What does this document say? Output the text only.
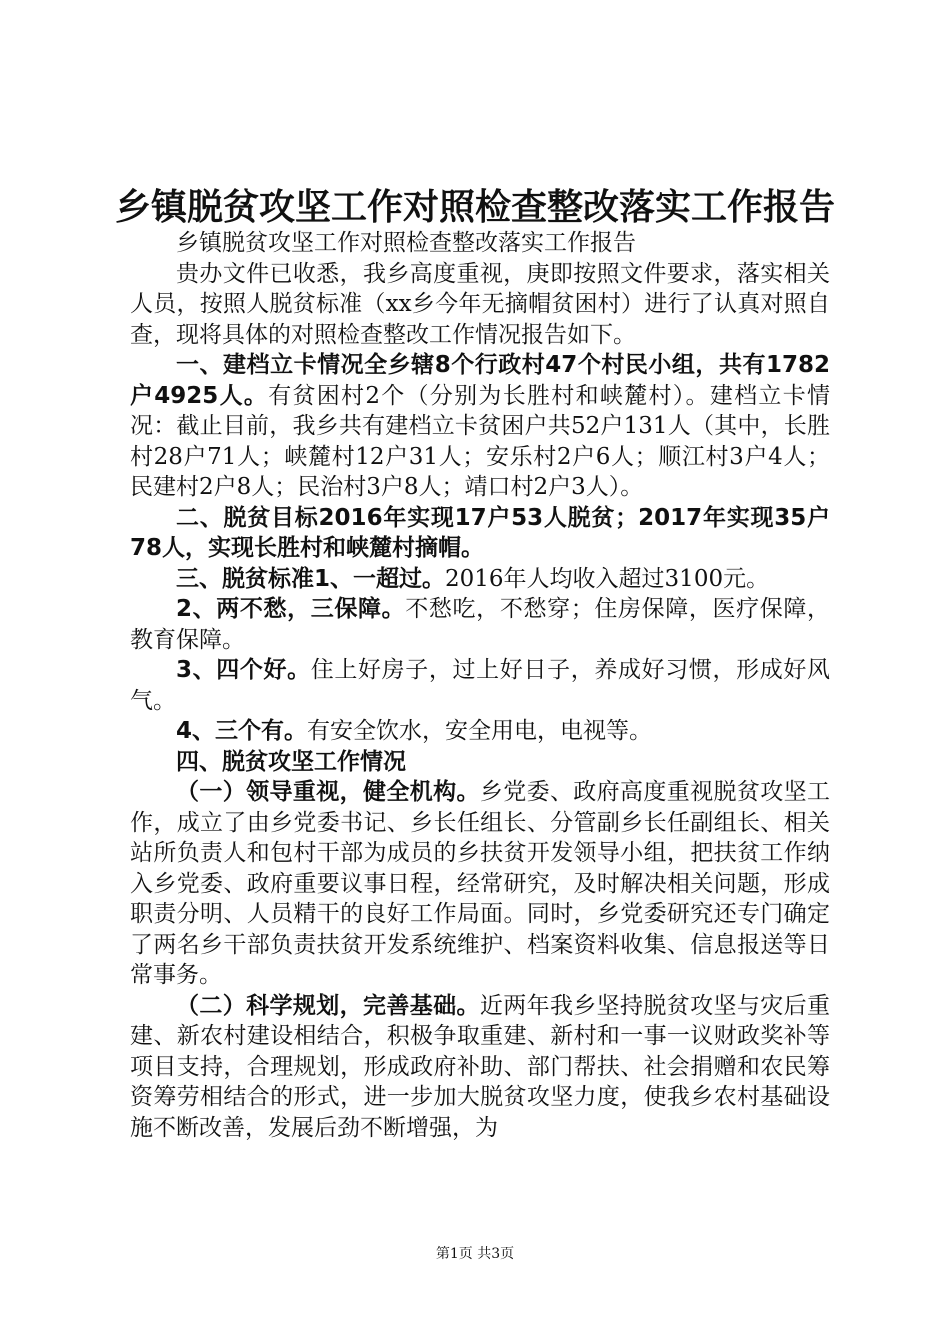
乡镇脱贫攻坚工作对照检查整改落实工作报告

乡镇脱贫攻坚工作对照检查整改落实工作报告

贵办文件已收悉，我乡高度重视，庚即按照文件要求，落实相关人员，按照人脱贫标准（xx乡今年无摘帽贫困村）进行了认真对照自查，现将具体的对照检查整改工作情况报告如下。

一、建档立卡情况全乡辖8个行政村47个村民小组，共有1782户4925人。有贫困村2个（分别为长胜村和峡麓村）。建档立卡情况：截止目前，我乡共有建档立卡贫困户共52户131人（其中，长胜村28户71人；峡麓村12户31人；安乐村2户6人；顺江村3户4人；民建村2户8人；民治村3户8人；靖口村2户3人）。

二、脱贫目标2016年实现17户53人脱贫；2017年实现35户78人，实现长胜村和峡麓村摘帽。

三、脱贫标准1、一超过。2016年人均收入超过3100元。

2、两不愁，三保障。不愁吃，不愁穿；住房保障，医疗保障，教育保障。

3、四个好。住上好房子，过上好日子，养成好习惯，形成好风气。

4、三个有。有安全饮水，安全用电，电视等。

四、脱贫攻坚工作情况

（一）领导重视，健全机构。乡党委、政府高度重视脱贫攻坚工作，成立了由乡党委书记、乡长任组长、分管副乡长任副组长、相关站所负责人和包村干部为成员的乡扶贫开发领导小组，把扶贫工作纳入乡党委、政府重要议事日程，经常研究，及时解决相关问题，形成职责分明、人员精干的良好工作局面。同时，乡党委研究还专门确定了两名乡干部负责扶贫开发系统维护、档案资料收集、信息报送等日常事务。

（二）科学规划，完善基础。近两年我乡坚持脱贫攻坚与灾后重建、新农村建设相结合，积极争取重建、新村和一事一议财政奖补等项目支持，合理规划，形成政府补助、部门帮扶、社会捐赠和农民筹资筹劳相结合的形式，进一步加大脱贫攻坚力度，使我乡农村基础设施不断改善，发展后劲不断增强，为

第1页 共3页
